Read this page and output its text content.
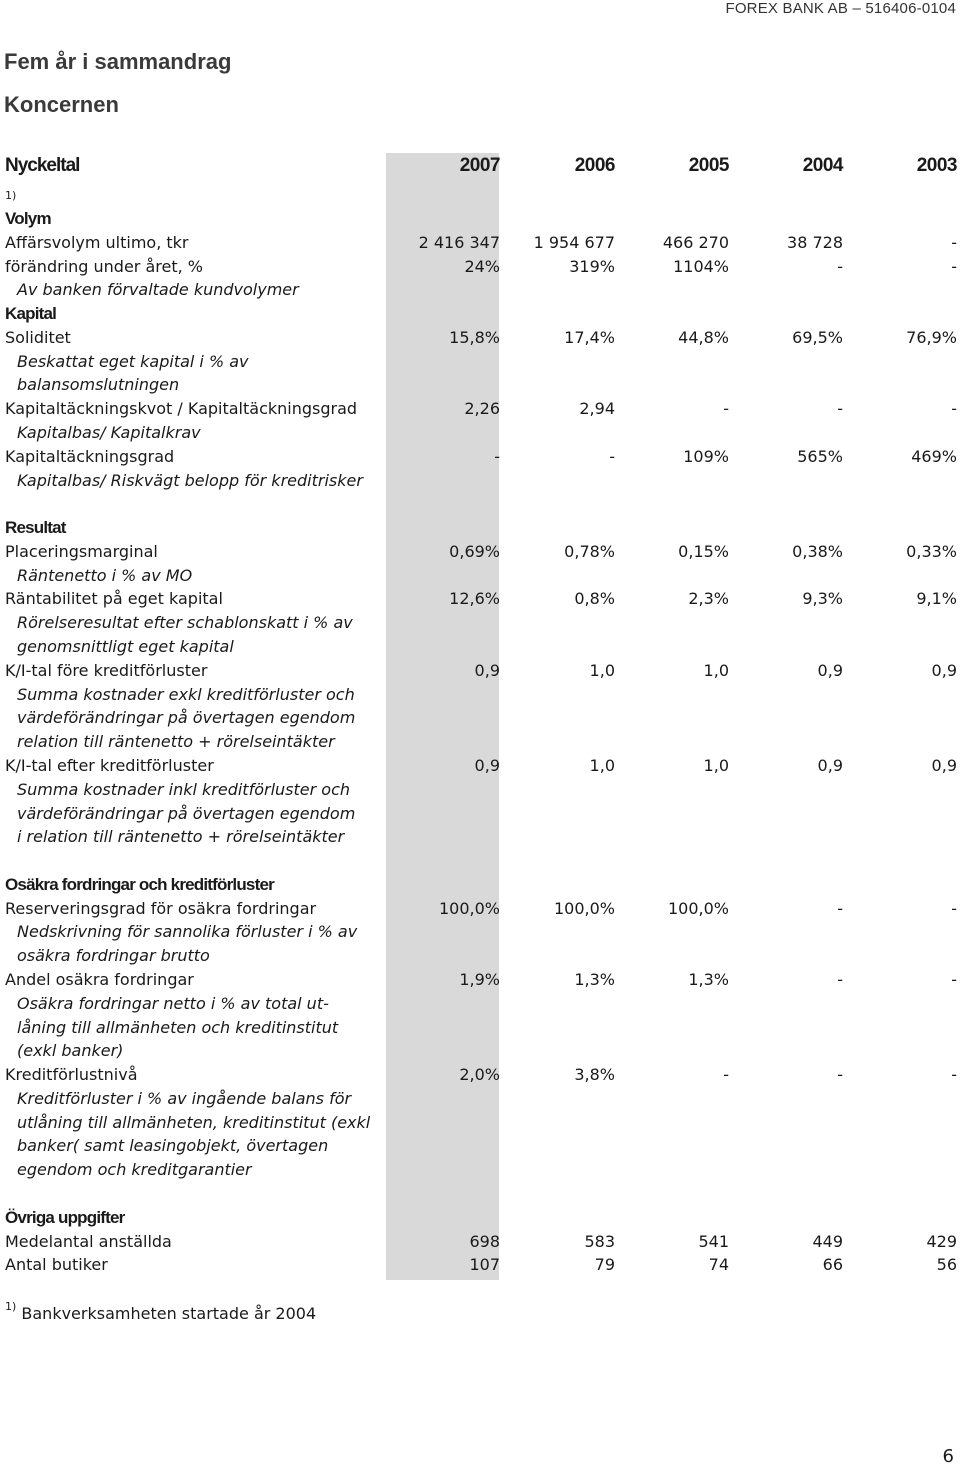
FOREX BANK AB – 516406-0104
Fem år i sammandrag
Koncernen
Nyckeltal	2007	2006	2005	2004	2003
1)
Volym
Affärsvolym ultimo, tkr	2 416 347	1 954 677	466 270	38 728	-
förändring under året, %	24%	319%	1104%	-	-
Av banken förvaltade kundvolymer
Kapital
Soliditet	15,8%	17,4%	44,8%	69,5%	76,9%
Beskattat eget kapital i % av
balansomslutningen
Kapitaltäckningskvot / Kapitaltäckningsgrad	2,26	2,94	-	-	-
Kapitalbas/ Kapitalkrav
Kapitaltäckningsgrad	-	-	109%	565%	469%
Kapitalbas/ Riskvägt belopp för kreditrisker
Resultat
Placeringsmarginal	0,69%	0,78%	0,15%	0,38%	0,33%
Räntenetto i % av MO
Räntabilitet på eget kapital	12,6%	0,8%	2,3%	9,3%	9,1%
Rörelseresultat efter schablonskatt i % av
genomsnittligt eget kapital
K/I-tal före kreditförluster	0,9	1,0	1,0	0,9	0,9
Summa kostnader exkl kreditförluster och
värdeförändringar på övertagen egendom
relation till räntenetto + rörelseintäkter
K/I-tal efter kreditförluster	0,9	1,0	1,0	0,9	0,9
Summa kostnader inkl kreditförluster och
värdeförändringar på övertagen egendom
i relation till räntenetto + rörelseintäkter
Osäkra fordringar och kreditförluster
Reserveringsgrad för osäkra fordringar	100,0%	100,0%	100,0%	-	-
Nedskrivning för sannolika förluster i % av
osäkra fordringar brutto
Andel osäkra fordringar	1,9%	1,3%	1,3%	-	-
Osäkra fordringar netto i % av total ut-
låning till allmänheten och kreditinstitut
(exkl banker)
Kreditförlustnivå	2,0%	3,8%	-	-	-
Kreditförluster i % av ingående balans för
utlåning till allmänheten, kreditinstitut (exkl
banker( samt leasingobjekt, övertagen
egendom och kreditgarantier
Övriga uppgifter
Medelantal anställda	698	583	541	449	429
Antal butiker	107	79	74	66	56
$^{1)}$ Bankverksamheten startade år 2004
6
